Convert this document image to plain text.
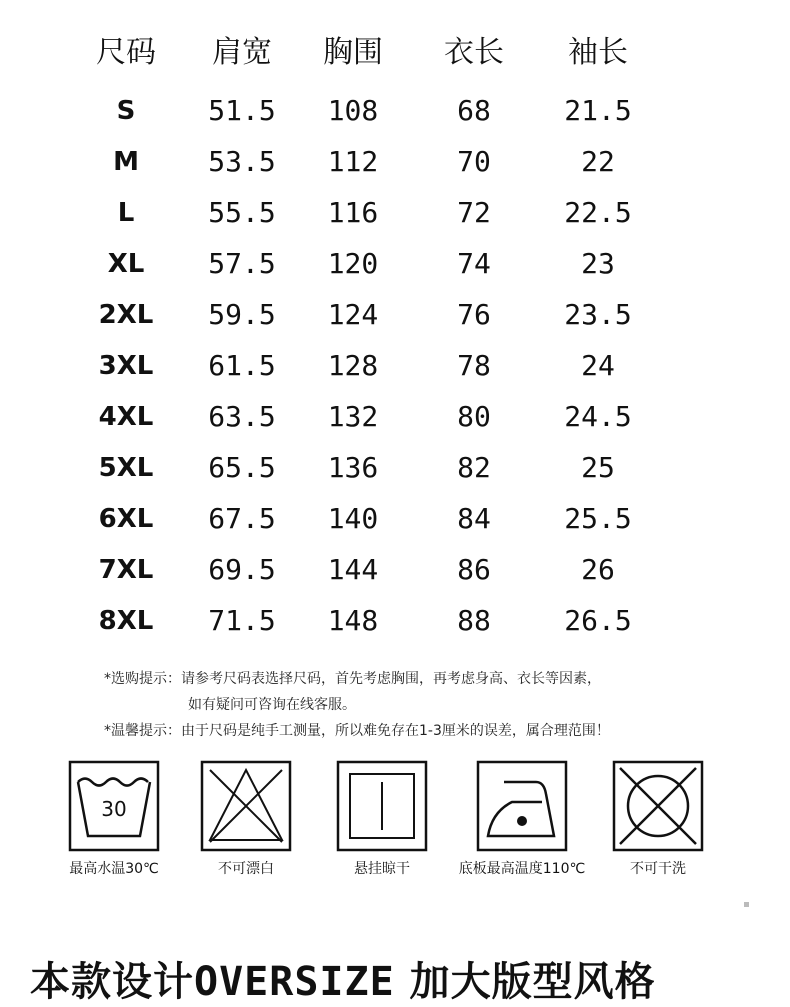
尺码	肩宽	胸围	衣长	袖长
S	51.5	108	68	21.5
M	53.5	112	70	22
L	55.5	116	72	22.5
XL	57.5	120	74	23
2XL	59.5	124	76	23.5
3XL	61.5	128	78	24
4XL	63.5	132	80	24.5
5XL	65.5	136	82	25
6XL	67.5	140	84	25.5
7XL	69.5	144	86	26
8XL	71.5	148	88	26.5
*选购提示：请参考尺码表选择尺码，首先考虑胸围，再考虑身高、衣长等因素，
如有疑问可咨询在线客服。
*温馨提示：由于尺码是纯手工测量，所以难免存在1-3厘米的误差，属合理范围！
30
最高水温30℃	不可漂白	悬挂晾干	底板最高温度110℃	不可干洗
本款设计OVERSIZE 加大版型风格
